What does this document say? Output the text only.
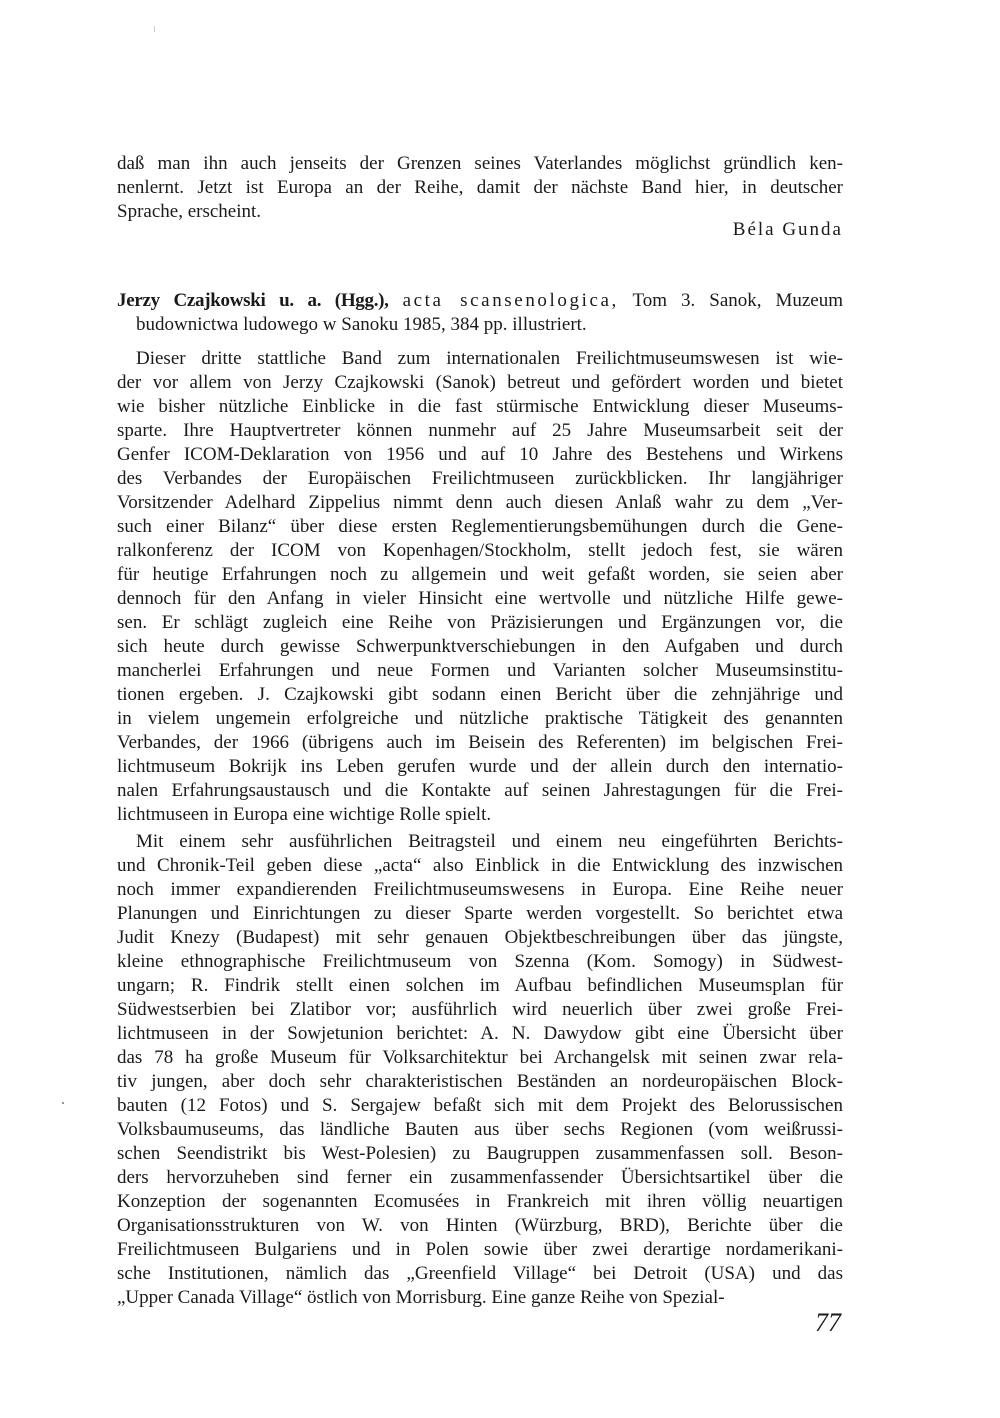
daß man ihn auch jenseits der Grenzen seines Vaterlandes möglichst gründlich ken-
nenlernt. Jetzt ist Europa an der Reihe, damit der nächste Band hier, in deutscher
Sprache, erscheint.
Béla Gunda
Jerzy Czajkowski u. a. (Hgg.), acta scansenologica, Tom 3. Sanok, Muzeum
budownictwa ludowego w Sanoku 1985, 384 pp. illustriert.
Dieser dritte stattliche Band zum internationalen Freilichtmuseumswesen ist wie-
der vor allem von Jerzy Czajkowski (Sanok) betreut und gefördert worden und bietet
wie bisher nützliche Einblicke in die fast stürmische Entwicklung dieser Museums-
sparte. Ihre Hauptvertreter können nunmehr auf 25 Jahre Museumsarbeit seit der
Genfer ICOM-Deklaration von 1956 und auf 10 Jahre des Bestehens und Wirkens
des Verbandes der Europäischen Freilichtmuseen zurückblicken. Ihr langjähriger
Vorsitzender Adelhard Zippelius nimmt denn auch diesen Anlaß wahr zu dem „Ver-
such einer Bilanz“ über diese ersten Reglementierungsbemühungen durch die Gene-
ralkonferenz der ICOM von Kopenhagen/Stockholm, stellt jedoch fest, sie wären
für heutige Erfahrungen noch zu allgemein und weit gefaßt worden, sie seien aber
dennoch für den Anfang in vieler Hinsicht eine wertvolle und nützliche Hilfe gewe-
sen. Er schlägt zugleich eine Reihe von Präzisierungen und Ergänzungen vor, die
sich heute durch gewisse Schwerpunktverschiebungen in den Aufgaben und durch
mancherlei Erfahrungen und neue Formen und Varianten solcher Museumsinstitu-
tionen ergeben. J. Czajkowski gibt sodann einen Bericht über die zehnjährige und
in vielem ungemein erfolgreiche und nützliche praktische Tätigkeit des genannten
Verbandes, der 1966 (übrigens auch im Beisein des Referenten) im belgischen Frei-
lichtmuseum Bokrijk ins Leben gerufen wurde und der allein durch den internatio-
nalen Erfahrungsaustausch und die Kontakte auf seinen Jahrestagungen für die Frei-
lichtmuseen in Europa eine wichtige Rolle spielt.
Mit einem sehr ausführlichen Beitragsteil und einem neu eingeführten Berichts-
und Chronik-Teil geben diese „acta“ also Einblick in die Entwicklung des inzwischen
noch immer expandierenden Freilichtmuseumswesens in Europa. Eine Reihe neuer
Planungen und Einrichtungen zu dieser Sparte werden vorgestellt. So berichtet etwa
Judit Knezy (Budapest) mit sehr genauen Objektbeschreibungen über das jüngste,
kleine ethnographische Freilichtmuseum von Szenna (Kom. Somogy) in Südwest-
ungarn; R. Findrik stellt einen solchen im Aufbau befindlichen Museumsplan für
Südwestserbien bei Zlatibor vor; ausführlich wird neuerlich über zwei große Frei-
lichtmuseen in der Sowjetunion berichtet: A. N. Dawydow gibt eine Übersicht über
das 78 ha große Museum für Volksarchitektur bei Archangelsk mit seinen zwar rela-
tiv jungen, aber doch sehr charakteristischen Beständen an nordeuropäischen Block-
bauten (12 Fotos) und S. Sergajew befaßt sich mit dem Projekt des Belorussischen
Volksbaumuseums, das ländliche Bauten aus über sechs Regionen (vom weißrussi-
schen Seendistrikt bis West-Polesien) zu Baugruppen zusammenfassen soll. Beson-
ders hervorzuheben sind ferner ein zusammenfassender Übersichtsartikel über die
Konzeption der sogenannten Ecomusées in Frankreich mit ihren völlig neuartigen
Organisationsstrukturen von W. von Hinten (Würzburg, BRD), Berichte über die
Freilichtmuseen Bulgariens und in Polen sowie über zwei derartige nordamerikani-
sche Institutionen, nämlich das „Greenfield Village“ bei Detroit (USA) und das
„Upper Canada Village“ östlich von Morrisburg. Eine ganze Reihe von Spezial-
77
